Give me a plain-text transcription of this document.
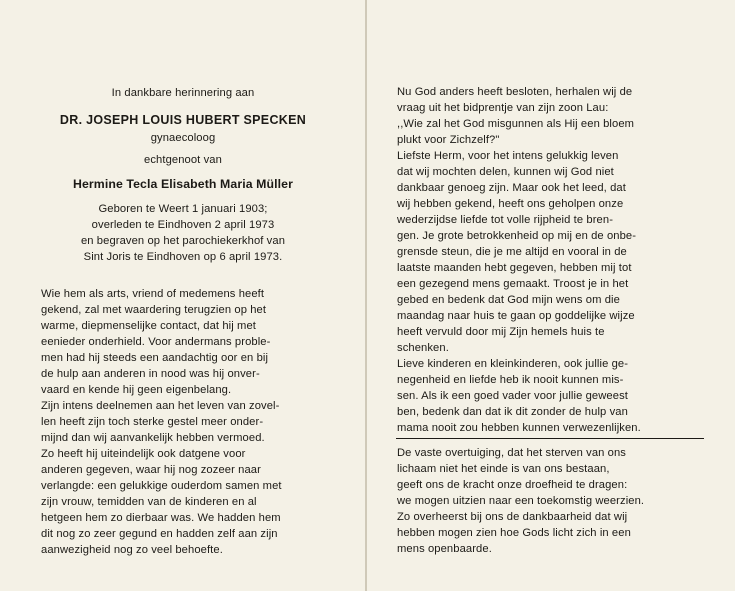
In dankbare herinnering aan
DR. JOSEPH LOUIS HUBERT SPECKEN
gynaecoloog
echtgenoot van
Hermine Tecla Elisabeth Maria Müller
Geboren te Weert 1 januari 1903;
overleden te Eindhoven 2 april 1973
en begraven op het parochiekerkhof van
Sint Joris te Eindhoven op 6 april 1973.
Wie hem als arts, vriend of medemens heeft
gekend, zal met waardering terugzien op het
warme, diepmenselijke contact, dat hij met
eenieder onderhield. Voor andermans proble-
men had hij steeds een aandachtig oor en bij
de hulp aan anderen in nood was hij onver-
vaard en kende hij geen eigenbelang.
Zijn intens deelnemen aan het leven van zovel-
len heeft zijn toch sterke gestel meer onder-
mijnd dan wij aanvankelijk hebben vermoed.
Zo heeft hij uiteindelijk ook datgene voor
anderen gegeven, waar hij nog zozeer naar
verlangde: een gelukkige ouderdom samen met
zijn vrouw, temidden van de kinderen en al
hetgeen hem zo dierbaar was. We hadden hem
dit nog zo zeer gegund en hadden zelf aan zijn
aanwezigheid nog zo veel behoefte.
Nu God anders heeft besloten, herhalen wij de
vraag uit het bidprentje van zijn zoon Lau:
,,Wie zal het God misgunnen als Hij een bloem
plukt voor Zichzelf?"
Liefste Herm, voor het intens gelukkig leven
dat wij mochten delen, kunnen wij God niet
dankbaar genoeg zijn. Maar ook het leed, dat
wij hebben gekend, heeft ons geholpen onze
wederzijdse liefde tot volle rijpheid te bren-
gen. Je grote betrokkenheid op mij en de onbe-
grensde steun, die je me altijd en vooral in de
laatste maanden hebt gegeven, hebben mij tot
een gezegend mens gemaakt. Troost je in het
gebed en bedenk dat God mijn wens om die
maandag naar huis te gaan op goddelijke wijze
heeft vervuld door mij Zijn hemels huis te
schenken.
Lieve kinderen en kleinkinderen, ook jullie ge-
negenheid en liefde heb ik nooit kunnen mis-
sen. Als ik een goed vader voor jullie geweest
ben, bedenk dan dat ik dit zonder de hulp van
mama nooit zou hebben kunnen verwezenlijken.
De vaste overtuiging, dat het sterven van ons
lichaam niet het einde is van ons bestaan,
geeft ons de kracht onze droefheid te dragen:
we mogen uitzien naar een toekomstig weerzien.
Zo overheerst bij ons de dankbaarheid dat wij
hebben mogen zien hoe Gods licht zich in een
mens openbaarde.
